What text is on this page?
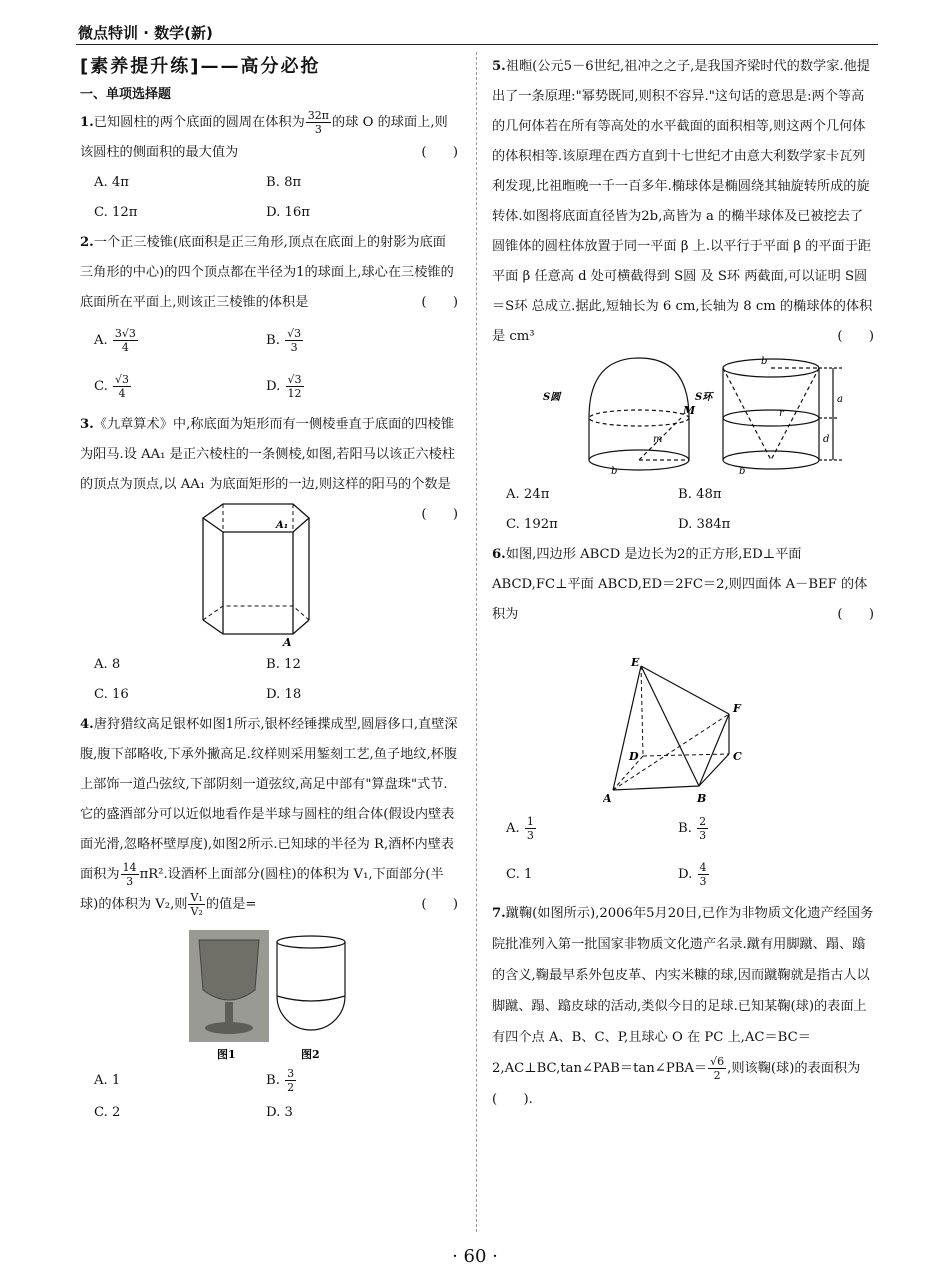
微点特训 · 数学(新)
[素养提升练]——高分必抢
一、单项选择题
1.已知圆柱的两个底面的圆周在体积为 $\frac{32\pi}{3}$ 的球 O 的球面上,则该圆柱的侧面积的最大值为	(　　)
A. 4π	B. 8π
C. 12π	D. 16π
2.一个正三棱锥(底面积是正三角形,顶点在底面上的射影为底面三角形的中心)的四个顶点都在半径为1的球面上,球心在三棱锥的底面所在平面上,则该正三棱锥的体积是	(　　)
A. $\frac{3√3}{4}$	B. $\frac{√3}{3}$
C. $\frac{√3}{4}$	D. $\frac{√3}{12}$
3.《九章算术》中,称底面为矩形而有一侧棱垂直于底面的四棱锥为阳马.设 AA₁ 是正六棱柱的一条侧棱,如图,若阳马以该正六棱柱的顶点为顶点,以 AA₁ 为底面矩形的一边,则这样的阳马的个数是
(　　)
A₁
A
A. 8	B. 12
C. 16	D. 18
4.唐狩猎纹高足银杯如图1所示,银杯经锤揲成型,圆唇侈口,直壁深腹,腹下部略收,下承外撇高足.纹样则采用錾刻工艺,鱼子地纹,杯腹上部饰一道凸弦纹,下部阴刻一道弦纹,高足中部有"算盘珠"式节.它的盛酒部分可以近似地看作是半球与圆柱的组合体(假设内壁表面光滑,忽略杯壁厚度),如图2所示.已知球的半径为 R,酒杯内壁表面积为 $\frac{14}{3} \pi R^2$.设酒杯上面部分(圆柱)的体积为 V₁,下面部分(半球)的体积为 V₂,则 $\frac{\text{V₁}}{\text{V₂}}$ 的值是=	(　　)
图1	图2
A. 1	B. $\frac{3}{2}$
C. 2	D. 3
5.祖暅(公元5－6世纪,祖冲之之子,是我国齐梁时代的数学家.他提出了一条原理:"幂势既同,则积不容异."这句话的意思是:两个等高的几何体若在所有等高处的水平截面的面积相等,则这两个几何体的体积相等.该原理在西方直到十七世纪才由意大利数学家卡瓦列利发现,比祖暅晚一千一百多年.椭球体是椭圆绕其轴旋转所成的旋转体.如图将底面直径皆为2b,高皆为 a 的椭半球体及已被挖去了圆锥体的圆柱体放置于同一平面 β 上.以平行于平面 β 的平面于距平面 β 任意高 d 处可横截得到 S圆 及 S环 两截面,可以证明 S圆＝S环 总成立.据此,短轴长为 6 cm,长轴为 8 cm 的椭球体的体积是 cm³	(　　)
S圆
M
m
b
S环
b
r
a
d
b
A. 24π	B. 48π
C. 192π	D. 384π
6.如图,四边形 ABCD 是边长为2的正方形,ED⊥平面 ABCD,FC⊥平面 ABCD,ED＝2FC＝2,则四面体 A－BEF 的体积为	(　　)
E
F
D	C
A	B
A. $\frac{1}{3}$	B. $\frac{2}{3}$
C. 1	D. $\frac{4}{3}$
7.蹴鞠(如图所示),2006年5月20日,已作为非物质文化遗产经国务院批准列入第一批国家非物质文化遗产名录.蹴有用脚蹴、蹋、蹹的含义,鞠最早系外包皮革、内实米糠的球,因而蹴鞠就是指古人以脚蹴、蹋、蹹皮球的活动,类似今日的足球.已知某鞠(球)的表面上有四个点 A、B、C、P,且球心 O 在 PC 上,AC＝BC＝2,AC⊥BC,tan∠PAB＝tan∠PBA＝ $\frac{√6}{2}$ ,则该鞠(球)的表面积为(　　).
· 60 ·
